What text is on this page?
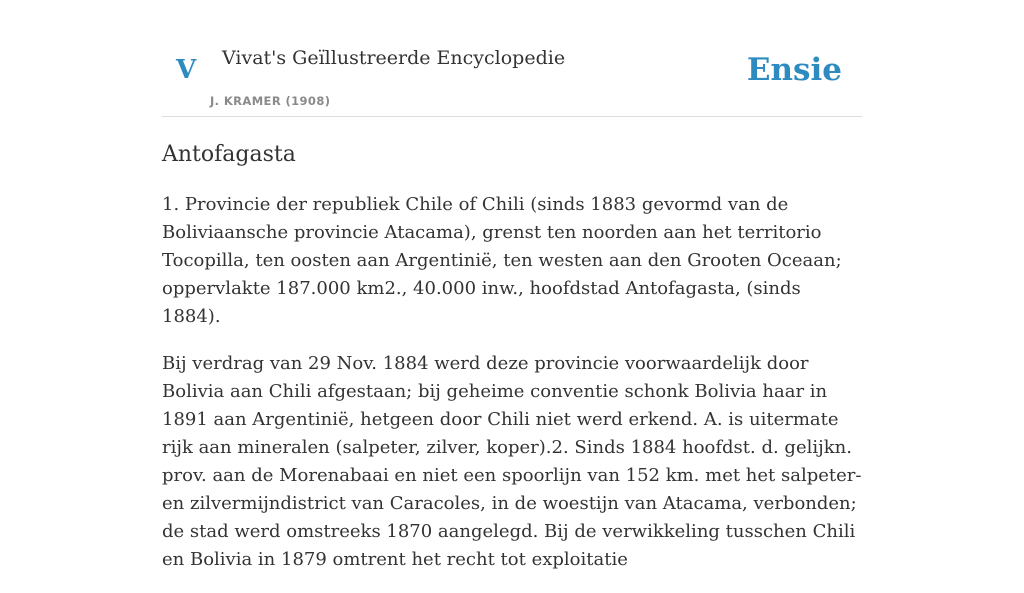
V Vivat's Geïllustreerde Encyclopedie
J. KRAMER (1908)
Ensie
Antofagasta

1. Provincie der republiek Chile of Chili (sinds 1883 gevormd van de Boliviaansche provincie Atacama), grenst ten noorden aan het territorio Tocopilla, ten oosten aan Argentinië, ten westen aan den Grooten Oceaan; oppervlakte 187.000 km2., 40.000 inw., hoofdstad Antofagasta, (sinds 1884).

Bij verdrag van 29 Nov. 1884 werd deze provincie voorwaardelijk door Bolivia aan Chili afgestaan; bij geheime conventie schonk Bolivia haar in 1891 aan Argentinië, hetgeen door Chili niet werd erkend. A. is uitermate rijk aan mineralen (salpeter, zilver, koper).2. Sinds 1884 hoofdst. d. gelijkn. prov. aan de Morenabaai en niet een spoorlijn van 152 km. met het salpeter- en zilvermijndistrict van Caracoles, in de woestijn van Atacama, verbonden; de stad werd omstreeks 1870 aangelegd. Bij de verwikkeling tusschen Chili en Bolivia in 1879 omtrent het recht tot exploitatie
